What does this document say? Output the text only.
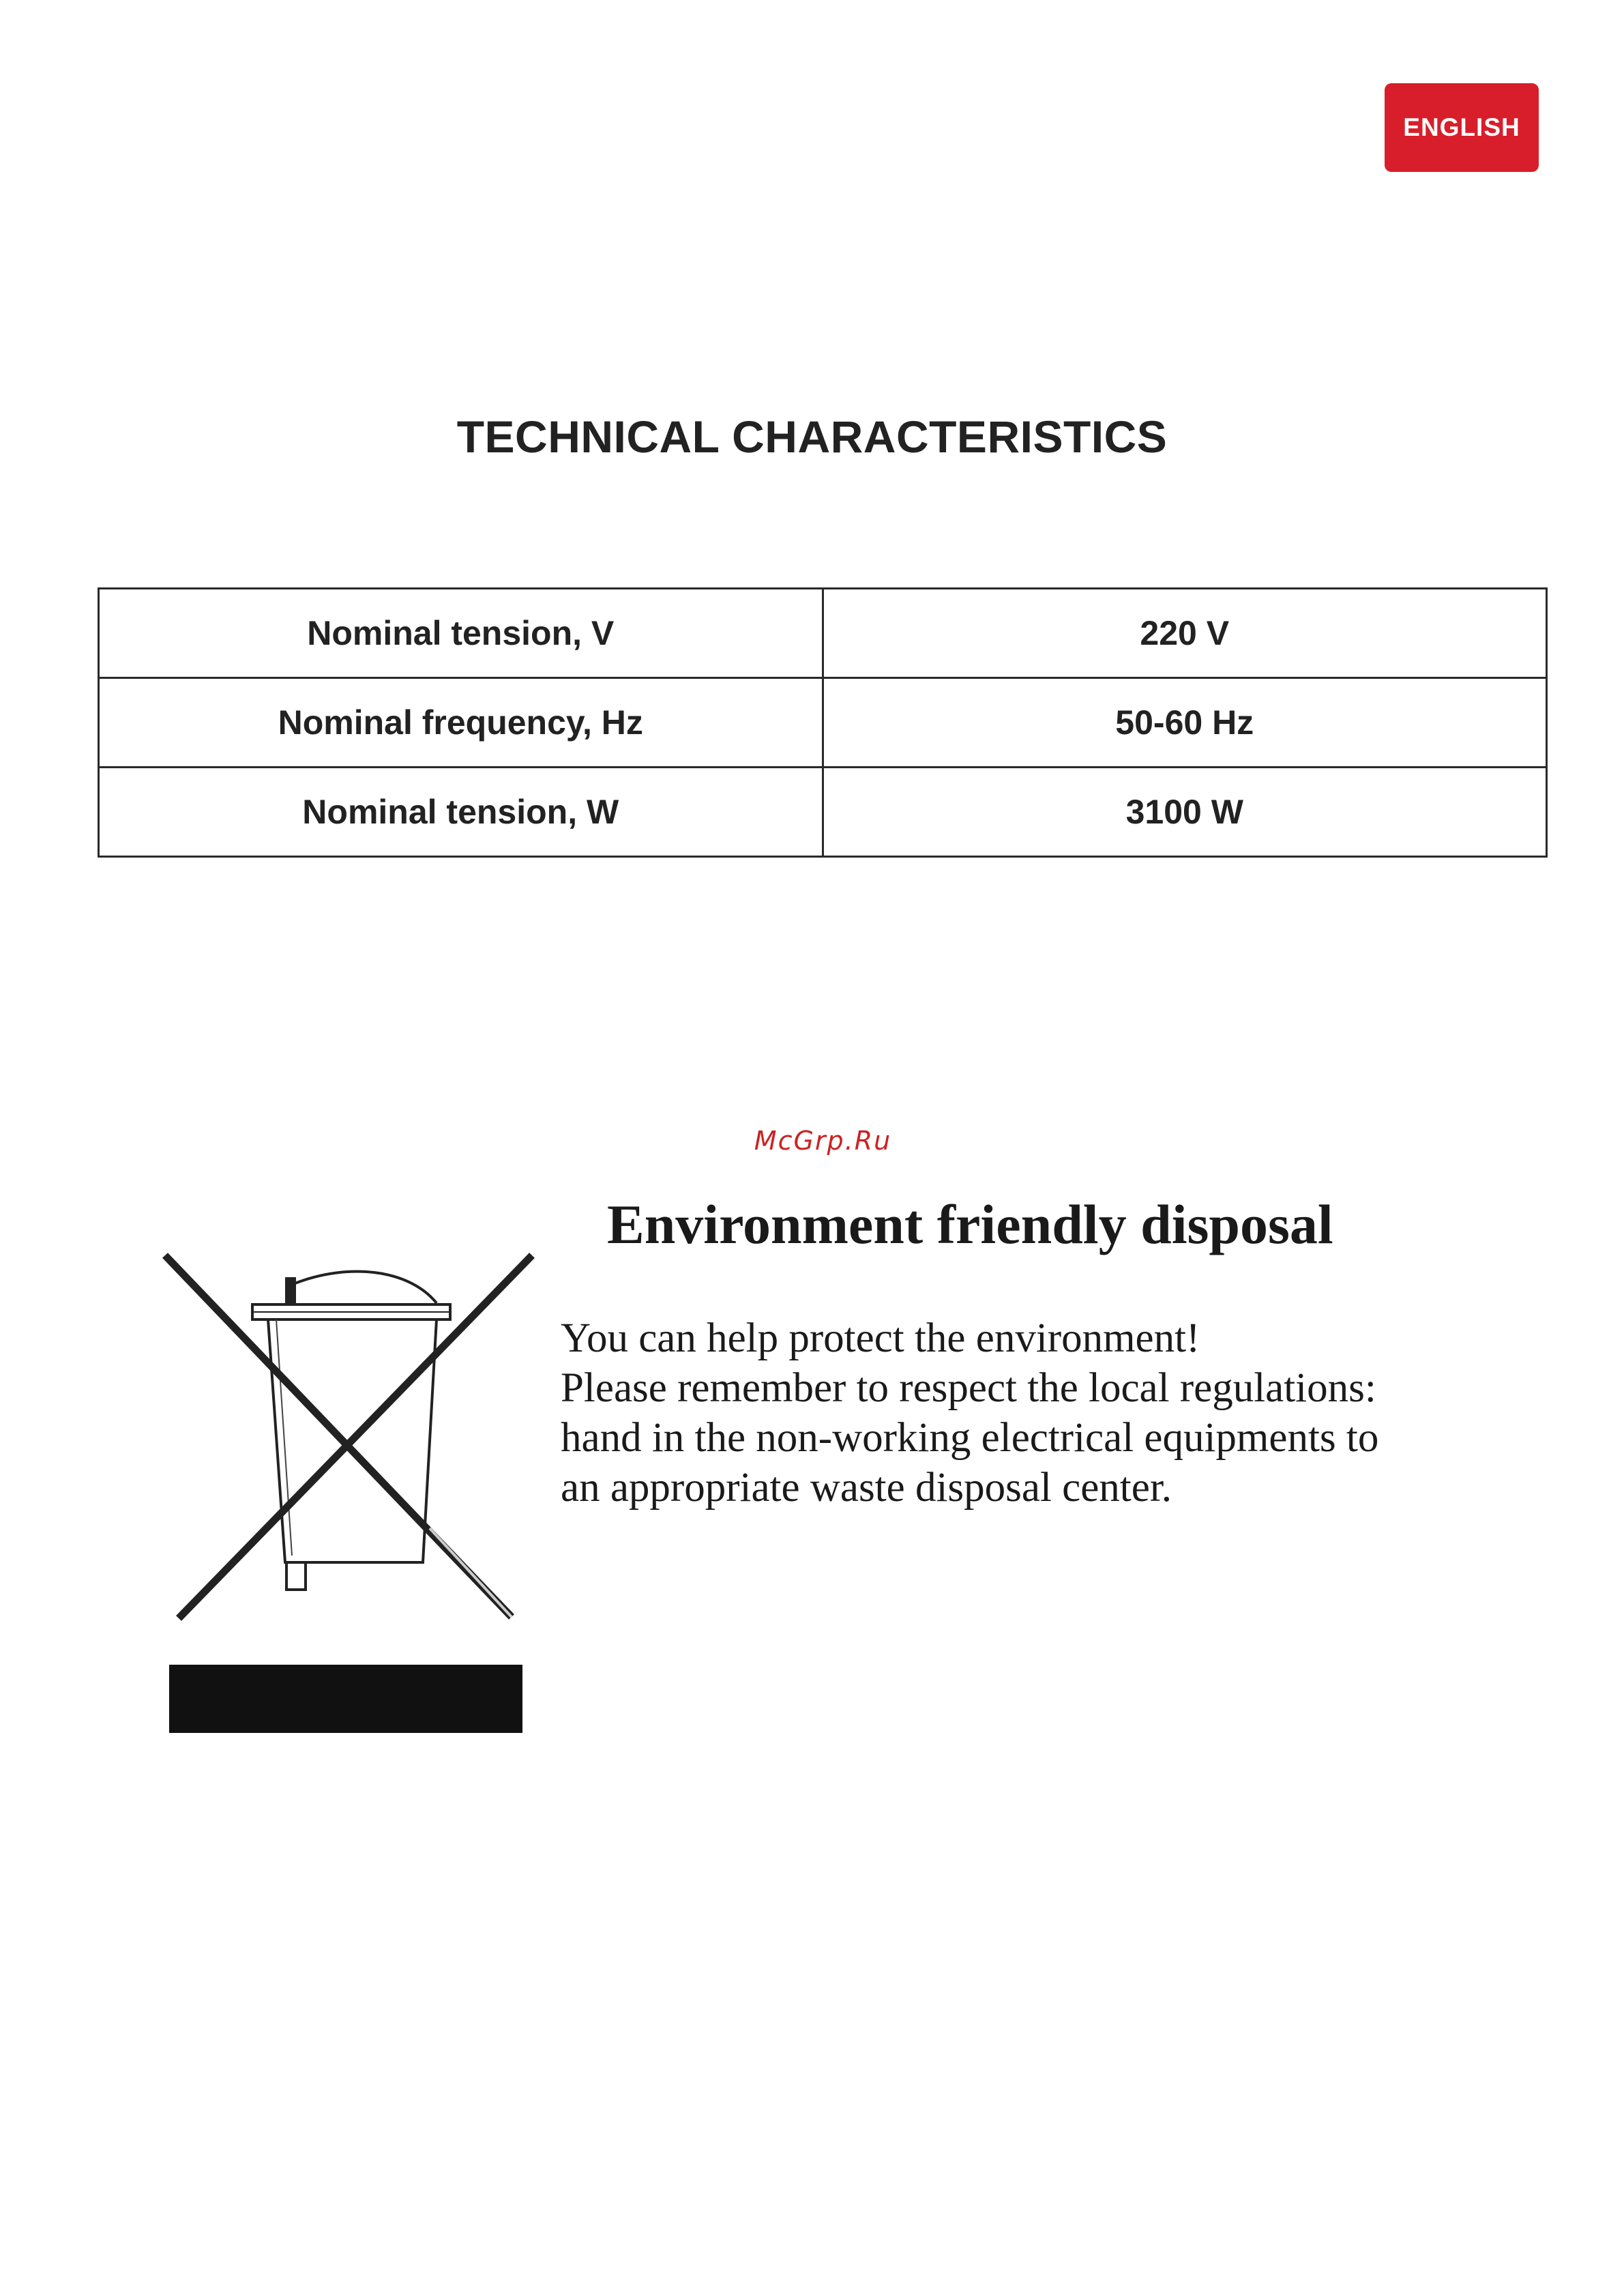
ENGLISH
TECHNICAL CHARACTERISTICS
Nominal tension, V	220 V
Nominal frequency, Hz	50-60 Hz
Nominal tension, W	3100 W
McGrp.Ru
Environment friendly disposal

You can help protect the environment!
Please remember to respect the local regulations:
hand in the non-working electrical equipments to
an appropriate waste disposal center.
